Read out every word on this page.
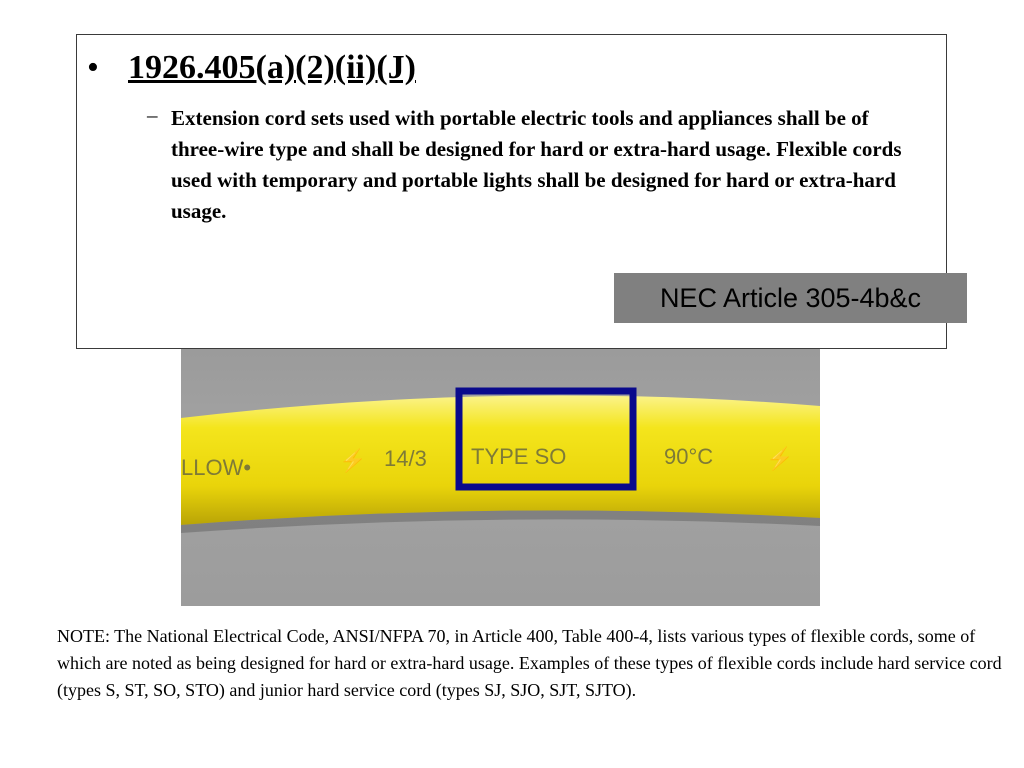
LLOW•	⚡ 14/3 TYPE SO	90°C ⚡
• 1926.405(a)(2)(ii)(J)
– Extension cord sets used with portable electric tools and appliances shall be of three-wire type and shall be designed for hard or extra-hard usage. Flexible cords used with temporary and portable lights shall be designed for hard or extra-hard usage.
NEC Article 305-4b&c
NOTE: The National Electrical Code, ANSI/NFPA 70, in Article 400, Table 400-4, lists various types of flexible cords, some of which are noted as being designed for hard or extra-hard usage. Examples of these types of flexible cords include hard service cord (types S, ST, SO, STO) and junior hard service cord (types SJ, SJO, SJT, SJTO).
